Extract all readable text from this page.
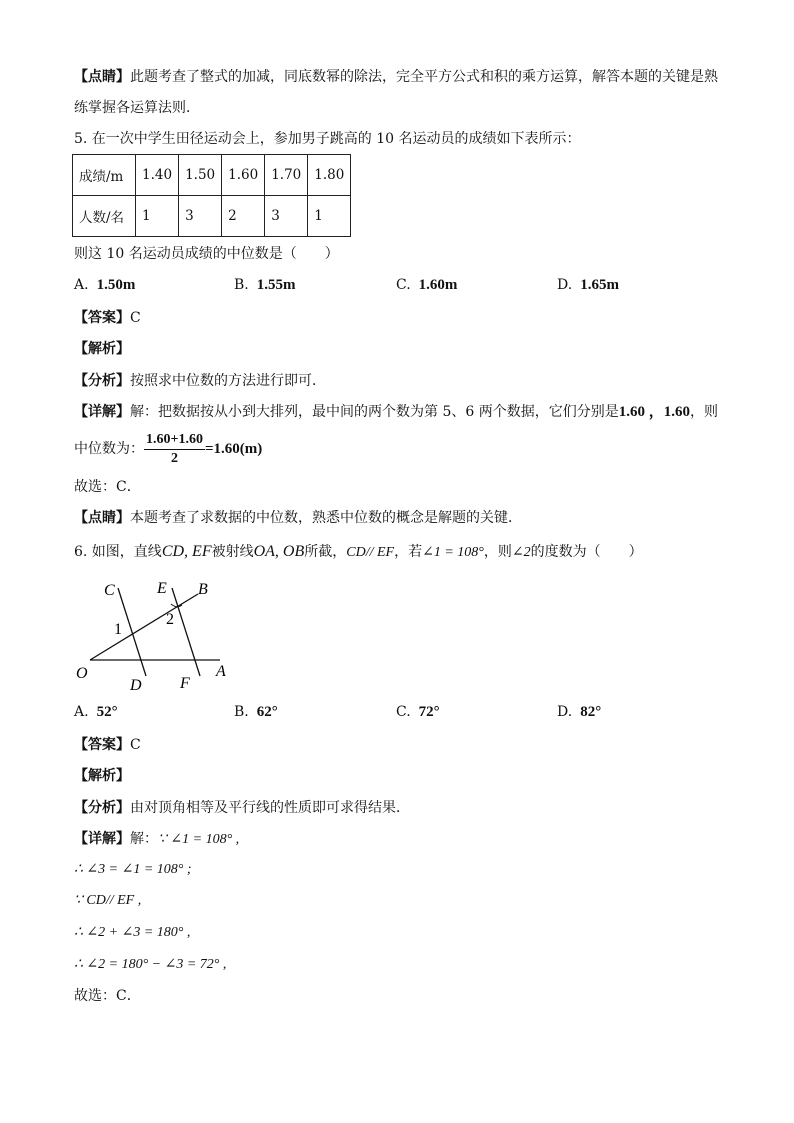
【点睛】此题考查了整式的加减，同底数幂的除法，完全平方公式和积的乘方运算，解答本题的关键是熟
练掌握各运算法则．
5. 在一次中学生田径运动会上，参加男子跳高的 10 名运动员的成绩如下表所示：
成绩/m	1.40	1.50	1.60	1.70	1.80
人数/名	1	3	2	3	1
则这 10 名运动员成绩的中位数是（　　）
A. 1.50m	B. 1.55m	C. 1.60m	D. 1.65m
【答案】C
【解析】
【分析】按照求中位数的方法进行即可．
【详解】解：把数据按从小到大排列，最中间的两个数为第 5、6 两个数据，它们分别是1.60 ，1.60，则
中位数为： $\frac{1.60+1.60}{2} =1.60(m)$
故选：C．
【点睛】本题考查了求数据的中位数，熟悉中位数的概念是解题的关键．
6. 如图，直线CD, EF被射线OA, OB所截，CD// EF，若∠1 = 108°，则∠2的度数为（　　）
C	E B
1
2
O
D F
A
A. 52°	B. 62°	C. 72°	D. 82°
【答案】C
【解析】
【分析】由对顶角相等及平行线的性质即可求得结果．
【详解】解：∵ ∠1 = 108° ,
∴ ∠3 = ∠1 = 108° ;
∵ CD// EF ,
∴ ∠2 + ∠3 = 180° ,
∴ ∠2 = 180° − ∠3 = 72° ,
故选：C．
